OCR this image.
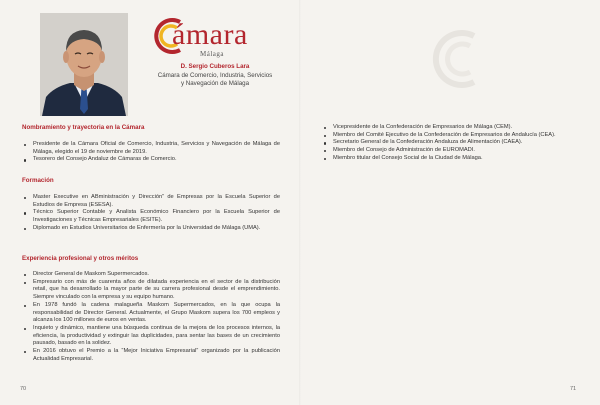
ámara
Málaga
D. Sergio Cuberos Lara
Cámara de Comercio, Industria, Servicios
y Navegación de Málaga
Nombramiento y trayectoria en la Cámara
Presidente de la Cámara Oficial de Comercio, Industria, Servicios y Navegación de Málaga de Málaga, elegido el 19 de noviembre de 2019.
Tesorero del Consejo Andaluz de Cámaras de Comercio.
Formación
Master Executive en ABministración y Dirección” de Empresas por la Escuela Superior de Estudios de Empresa (ESESA).
Técnico Superior Contable y Analista Económico Financiero por la Escuela Superior de Investigaciones y Técnicas Empresariales (ESITE).
Diplomado en Estudios Universitarios de Enfermería por la Universidad de Málaga (UMA).
Experiencia profesional y otros méritos
Director General de Maskom Supermercados.
Empresario con más de cuarenta años de dilatada experiencia en el sector de la distribución retail, que ha desarrollado la mayor parte de su carrera profesional desde el emprendimiento. Siempre vinculado con la empresa y su equipo humano.
En 1978 fundó la cadena malagueña Maskom Supermercados, en la que ocupa la responsabilidad de Director General. Actualmente, el Grupo Maskom supera los 700 empleos y alcanza los 100 millones de euros en ventas.
Inquieto y dinámico, mantiene una búsqueda continua de la mejora de los procesos internos, la eficiencia, la productividad y extinguir las duplicidades, para sentar las bases de un crecimiento pausado, basado en la solidez.
En 2016 obtuvo el Premio a la “Mejor Iniciativa Empresarial” organizado por la publicación Actualidad Empresarial.
70
Vicepresidente de la Confederación de Empresarios de Málaga (CEM).
Miembro del Comité Ejecutivo de la Confederación de Empresarios de Andalucía (CEA).
Secretario General de la Confederación Andaluza de Alimentación (CAEA).
Miembro del Consejo de Administración de EUROMADI.
Miembro titular del Consejo Social de la Ciudad de Málaga.
71
